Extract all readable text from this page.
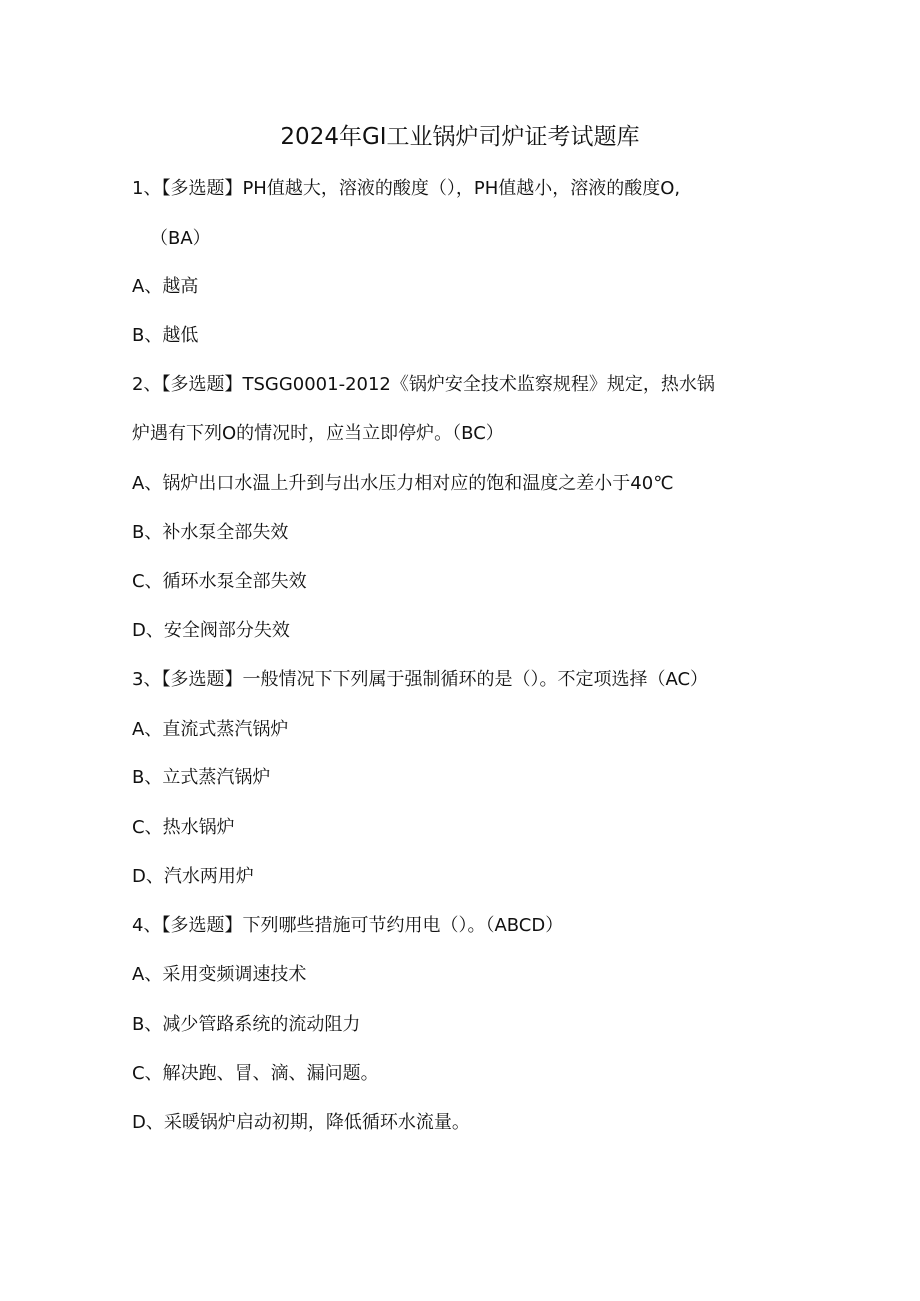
2024年GI工业锅炉司炉证考试题库
1、【多选题】PH值越大，溶液的酸度（），PH值越小，溶液的酸度O,
（BA）
A、越高
B、越低
2、【多选题】TSGG0001-2012《锅炉安全技术监察规程》规定，热水锅
炉遇有下列O的情况时，应当立即停炉。（BC）
A、锅炉出口水温上升到与出水压力相对应的饱和温度之差小于40℃
B、补水泵全部失效
C、循环水泵全部失效
D、安全阀部分失效
3、【多选题】一般情况下下列属于强制循环的是（）。不定项选择（AC）
A、直流式蒸汽锅炉
B、立式蒸汽锅炉
C、热水锅炉
D、汽水两用炉
4、【多选题】下列哪些措施可节约用电（）。（ABCD）
A、采用变频调速技术
B、减少管路系统的流动阻力
C、解决跑、冒、滴、漏问题。
D、采暖锅炉启动初期，降低循环水流量。
